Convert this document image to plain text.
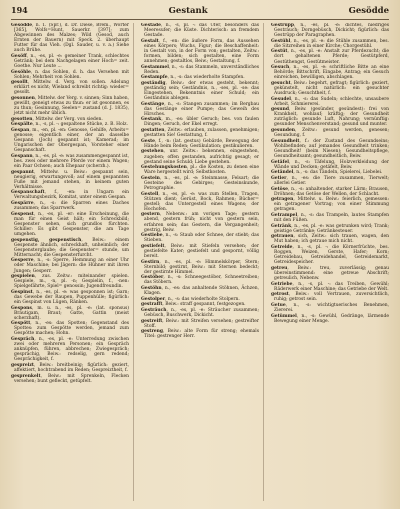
194	Gestank	Gesödde

Gesödde, n. 1. (Spr.), d. Dr. Diese, Brem., Wörter [365], Wolfs=Hunt, Sauerkr. [397]; zum Abgewinnen des Malzes; Wild (Gesod, auch Ernten der Bauern) mit Speck. 2. überhaupt Futter für das Vieh. (Dgl. Sauder, u. v. a.) Siehe auch Brühe.

Gesöff, n., -es, pl. -e: gemeiner Trank, schlechtes Getränk; bei dem Nachgelagen einer Hoch= zeit. Goethe. Nur Leute ...

Gesöhle, n. das Sohlen, d. h. das Versehen mit Sohlen; Mehrheit von Sohlen.

gesollt, Mittelw. d. Verg. von sollen. Adelung erklärt es nicht; Wieland schreibt richtig: wieder= gesollt.

gesonnen, Mittelw. der Verg. v. sinnen; Sinn haben, gewillt, geneigt etwas zu thun: er ist gesonnen, es zu thun; Gesinnung, Seelen= zustand (d. J. 1835), jetzt nicht mehr üblich.

gesotten, Mittelw. der Verg. von sieden.

Gespälte, n., -s, pl. -: gespaltene Stücke, z. B. Holz.

Gespan, m., -en, pl. -en: Genosse, Gehilfe, Arbeits= genosse; eigentlich einer, der an dasselbe Gespann (Joch) gespannt ist; Kamerad; im Ungarischen der Obergespan, Vorsteher einer Gespanschaft.

Gespann, n., -es, pl. -e: was zusammengespannt ist, bes. zwei oder mehrere Pferde vor einem Wagen; ein Paar Ochsen; auch Ehepaar (scherzh.).

gespannt, Mittelw. u. Beiw.: gespannt sein, neugierig, erwartungsvoll; auf einem gespannten Fuße mit jemand stehen, in keinem guten Verhältnisse.

Gespanschaft, f., -en: in Ungarn ein Verwaltungsbezirk, Komitat, unter einem Gespan.

Gespärre, n., -s: die Sparren eines Daches zusammen; das Sparrwerk.

Gespenst, n., -es, pl. -er: eine Erscheinung, die man für einen Geist hält; ein Schreckbild; Gespenster sehen, sich grundlos fürchten. Schiller: Es gibt Gespenster, die am Tage umgehen.

gespenstig, gespenstisch, Beiw.: einem Gespenste ähnlich, schreckhaft, unheimlich; der Gespensterglaube; die Gespenster= stunde, um Mitternacht; die Gespensterfurcht.

Gesperre, n., -s: Sperre, Hemmung an einer Uhr oder Maschine; bei Jägern: die Hühner mit ihren Jungen; Gesperr.

gespielen, zus. Zeitw.: miteinander spielen. Gespiele, m., -n, pl. -n; Gespielin, f., -nen: Spielgefährte, Spiel= genossin; Jugendfreundin.

Gespinst, n., -es, pl. -e: was gesponnen ist; Garn; das Gewebe der Raupen, Puppenhülle; figürlich: ein Gespinst von Lügen, Ränken.

Gespons, m. u. n., -es, pl. -e: (lat. sponsus) Bräutigam, Braut; Gatte, Gattin (meist scherzhaft).

Gespött, n., -es: das Spotten; Gegenstand des Spottes: zum Gespötte werden, jemand zum Gespötte machen; Hohn.

Gespräch, n., -es, pl. -e: Unterredung zwischen zwei oder mehreren Personen; ein Gespräch anknüpfen, führen, abbrechen; Zwiegespräch; gesprächig, Beiw.: redselig, gern redend; Gesprächigkeit, f.

gespreizt, Beiw.: breitbeinig; figürlich: geziert, affektiert, hochtrabend im Reden; Gespreiztheit, f.

gesprenkelt, Beiw.: mit Sprenkeln, Flecken versehen; bunt gefleckt, getüpfelt.

Gestade, n., -s, pl. -: das Ufer, besonders das Meeresufer; die Küste. Dichterisch: an fremdem Gestade.

Gestalt, f., -en: die äußere Form, das Aussehen eines Körpers; Wuchs, Figur; die Beschaffenheit: in Gestalt von, in der Form von; gestalten, Zeitw.: formen, bilden; sich gestalten, eine Form annehmen; gestaltlos, Beiw.; Gestaltung, f.

Gestammel, n., -s: das Stammeln, unverständliches Reden.

Gestampfe, n., -s: das wiederholte Stampfen.

geständig, Beiw.: der etwas gesteht, bekennt; geständig sein; Geständnis, n., -ses, pl. -se: das Eingestehen, Bekenntnis einer Schuld; ein Geständnis ablegen.

Gestänge, n., -s: Stangen zusammen; im Bergbau das Gestänge einer Pumpe; das Geweih des Hirsches.

Gestank, m., -es: übler Geruch; bes. von faulen Dingen; Geruch, der Ekel erregt.

gestatten, Zeitw.: erlauben, zulassen, genehmigen; gestatten Sie! Gestattung, f.

Geste, f., -n: (lat. gestus) Gebärde, Bewegung der Hände beim Reden; Gestikulation; gestikulieren.

gestehen, unr. Zeitw.: bekennen, eingestehen, zugeben; offen gestanden, aufrichtig gesagt; er gestand seine Schuld; Liebe gestehen.

Gestehungskosten, pl.: die Kosten, zu denen eine Ware hergestellt wird; Selbstkosten.

Gestein, n., -es, pl. -e: Steinmasse, Felsart; die Gesteine des Gebirges; Gesteinskunde, Petrographie.

Gestell, n., -es, pl. -e: was zum Stellen, Tragen, Stützen dient; Gerüst, Bock, Rahmen; Bücher= gestell; das Untergestell eines Wagens; der Hochofen.

gestern, Nebenw.: am vorigen Tage; gestern abend, gestern früh; nicht von gestern sein, erfahren sein; das Gestern, die Vergangenheit; gestrig, Beiw.

Gestiebe, n., -s: Staub oder Schnee, der stiebt; das Stieben.

gestiefelt, Beiw.: mit Stiefeln versehen; der gestiefelte Kater; gestiefelt und gespornt, völlig bereit.

Gestirn, n., -es, pl. -e: Himmelskörper, Stern; Sternbild; gestirnt, Beiw.: mit Sternen bedeckt; der gestirnte Himmel.

Gestöber, n., -s: Schneegestöber, Schneetreiben; das Stöbern.

Gestöhn, n., -es: das anhaltende Stöhnen, Ächzen, Klagen.

Gestolper, n., -s: das wiederholte Stolpern.

gestrafft, Beiw.: straff gespannt, festgezogen.

Gesträuch, n., -es, pl. -e: Sträucher zusammen; Gebüsch, Buschwerk, Dickicht.

gestreift, Beiw.: mit Streifen versehen; gestreifter Stoff.

gestreng, Beiw.: alte Form für streng; ehemals Titel: gestrenger Herr.

Gestrüpp, n., -es, pl. -e: dichtes, niedriges Gesträuch; Dorngebüsch, Dickicht; figürlich: das Gestrüpp der Paragraphen.

Gestühl, n., -es, pl. -e: die Stühle zusammen, bes. die Sitzreihen in einer Kirche; Chorgestühl.

Gestüt, n., -es, pl. -e: Anstalt zur Pferdezucht; die dort gehaltenen Pferde; Gestütpferd, Gestüthengst, Gestütmeister.

Gesuch, n., -es, pl. -e: schriftliche Bitte an eine Behörde; Bittschrift, Eingabe, Antrag; ein Gesuch einreichen, bewilligen, abschlagen.

gesucht, Beiw.: begehrt, gefragt; figürlich: geziert, gekünstelt, nicht natürlich: ein gesuchter Ausdruck; Gesuchtheit, f.

Gesudel, n., -s: das Sudeln; schlechte, unsaubere Arbeit, Schmiererei.

gesund, Beiw. (gesünder, gesündest): frei von Krankheit, wohlauf; kräftig; der Gesundheit zuträglich: gesunde Luft, Nahrung; vernünftig: gesunder Menschenverstand; gesund und munter.

gesunden, Zeitw.: gesund werden, genesen; Gesundung, f.

Gesundheit, f.: der Zustand des Gesundseins; Wohlbefinden; auf jemandes Gesundheit trinken; Gesundheit! (beim Niesen); Gesundheitspflege, Gesundheitsamt; gesundheitlich, Beiw.

Getäfel, n., -s: Täfelung, Holzverkleidung der Wände und Decken; getäfelt, Beiw.

Getändel, n., -s: das Tändeln, Spielerei, Liebelei.

Getier, n., -es: die Tiere zusammen, Tierwelt; allerlei Getier.

Getöse, n., -s: anhaltender, starker Lärm; Brausen, Dröhnen; das Getöse der Wellen, der Schlacht.

getragen, Mittelw. u. Beiw.: feierlich, gemessen: ein getragener Vortrag; von einer Stimmung getragen.

Getrampel, n., -s: das Trampeln, lautes Stampfen mit den Füßen.

Getränk, n., -es, pl. -e: was getrunken wird; Trank; geistige Getränke; Getränkesteuer.

getrauen, sich, Zeitw.: sich trauen, wagen, den Mut haben; ich getraue mich nicht.

Getreide, n., -s, pl. -: die Körnerfrüchte, bes. Roggen, Weizen, Gerste, Hafer; Korn; Getreidebau, Getreidehandel, Getreidemarkt, Getreidespeicher.

getreu, Beiw.: treu, zuverlässig; genau übereinstimmend: eine getreue Abschrift; getreulich, Nebenw.

Getriebe, n., -s, pl. -: das Treiben, Gewühl; Räderwerk einer Maschine; das Getriebe der Welt.

getrost, Beiw.: voll Vertrauen, zuversichtlich, ruhig; getrost sein.

Getue, n., -s: wichtigtuerisches Benehmen, Ziererei.

Getümmel, n., -s: Gewühl, Gedränge, lärmende Bewegung einer Menge.
